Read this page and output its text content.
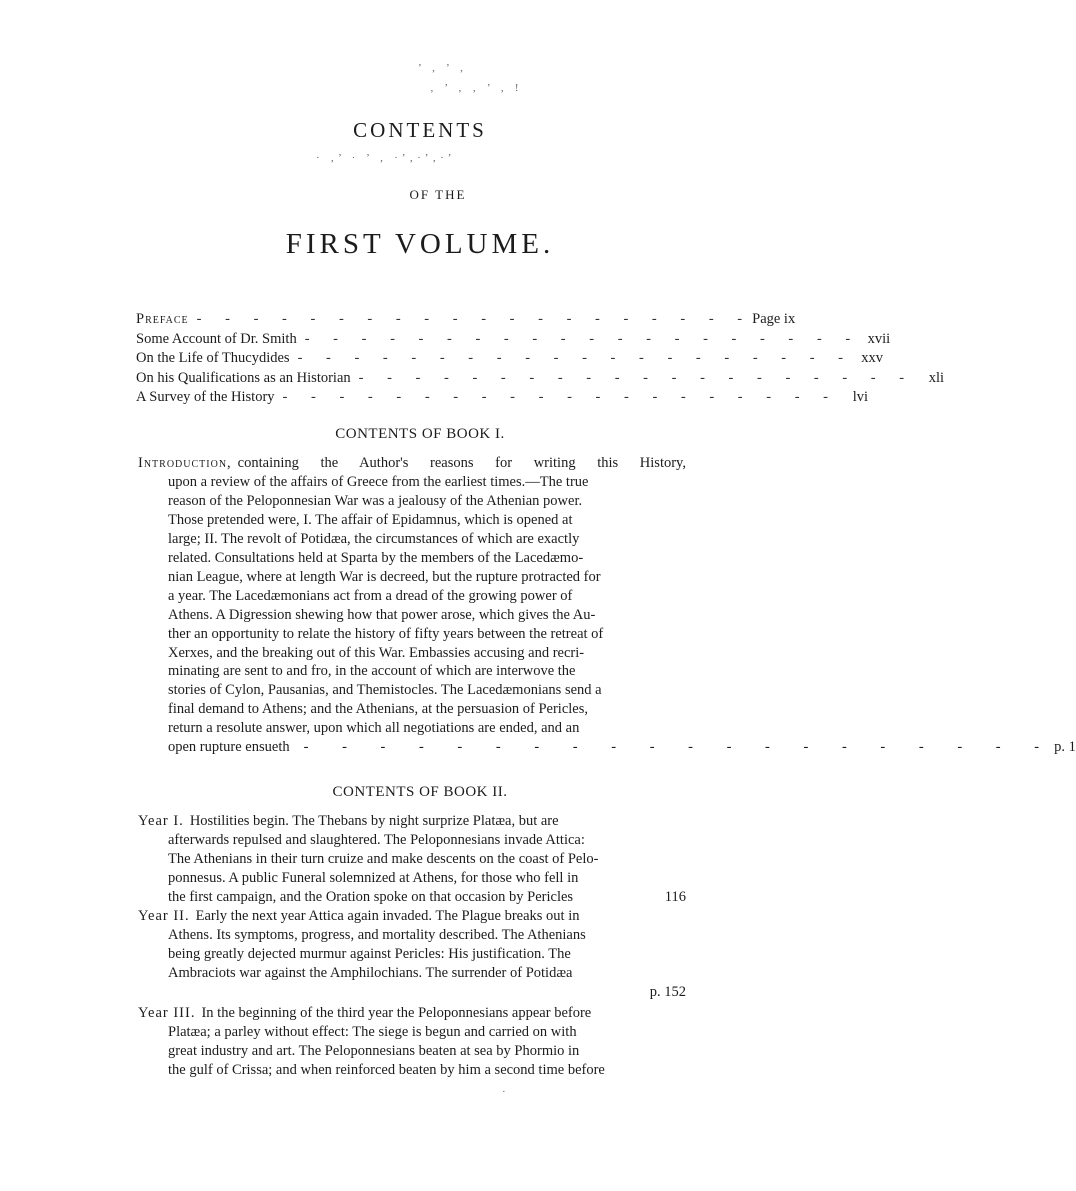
’ ‚ ’ ‚
‚ ’ ‚ ‚ ’ ‚ !
· ‚’ · ’ ‚ ·’‚·’‚·’
CONTENTS
OF THE
FIRST VOLUME.
Preface - - - - - - - - - - - - - - - - - - - - Page ix
Some Account of Dr. Smith - - - - - - - - - - - - - - - - - - - - xvii
On the Life of Thucydides - - - - - - - - - - - - - - - - - - - - xxv
On his Qualifications as an Historian - - - - - - - - - - - - - - - - - - - -	xli
A Survey of the History - - - - - - - - - - - - - - - - - - - -	lvi
CONTENTS OF BOOK I.
Introduction, containing the Author's reasons for writing this History,
upon a review of the affairs of Greece from the earliest times.—The true
reason of the Peloponnesian War was a jealousy of the Athenian power.
Those pretended were, I. The affair of Epidamnus, which is opened at
large; II. The revolt of Potidæa, the circumstances of which are exactly
related. Consultations held at Sparta by the members of the Lacedæmo-
nian League, where at length War is decreed, but the rupture protracted for
a year. The Lacedæmonians act from a dread of the growing power of
Athens. A Digression shewing how that power arose, which gives the Au-
ther an opportunity to relate the history of fifty years between the retreat of
Xerxes, and the breaking out of this War. Embassies accusing and recri-
minating are sent to and fro, in the account of which are interwove the
stories of Cylon, Pausanias, and Themistocles. The Lacedæmonians send a
final demand to Athens; and the Athenians, at the persuasion of Pericles,
return a resolute answer, upon which all negotiations are ended, and an
open rupture ensueth - - - - - - - - - - - - - - - - - - - - p. 1
CONTENTS OF BOOK II.
Year I. Hostilities begin. The Thebans by night surprize Platæa, but are
afterwards repulsed and slaughtered. The Peloponnesians invade Attica:
The Athenians in their turn cruize and make descents on the coast of Pelo-
ponnesus. A public Funeral solemnized at Athens, for those who fell in
the first campaign, and the Oration spoke on that occasion by Pericles	116
Year II. Early the next year Attica again invaded. The Plague breaks out in
Athens. Its symptoms, progress, and mortality described. The Athenians
being greatly dejected murmur against Pericles: His justification. The
Ambraciots war against the Amphilochians. The surrender of Potidæa
p. 152
Year III. In the beginning of the third year the Peloponnesians appear before
Platæa; a parley without effect: The siege is begun and carried on with
great industry and art. The Peloponnesians beaten at sea by Phormio in
the gulf of Crissa; and when reinforced beaten by him a second time before
·
